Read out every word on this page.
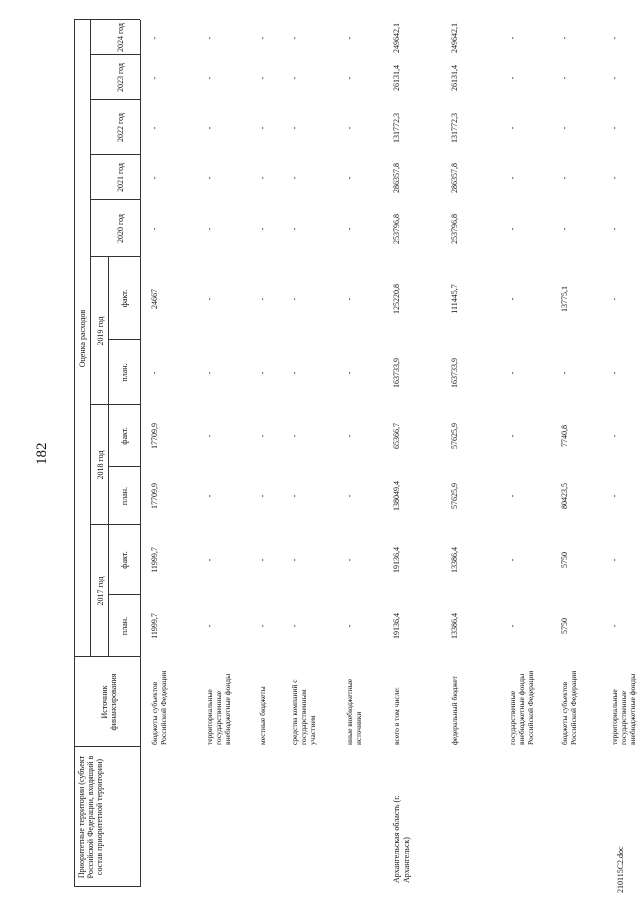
182
210115C2.doc
Приоритетные территории (субъект Российской Федерации, входящий в состав приоритетной территории)
Источник финансирования
Оценка расходов
2017 год
2018 год
2019 год
план.
факт.
план.
факт.
план.
факт.
2020 год
2021 год
2022 год
2023 год
2024 год
бюджеты субъектов Российской Федерации
11999,7
11999,7
17709,9
17709,9
-
24667
-
-
-
-
-
территориальные государственные внебюджетные фонды
-
-
-
-
-
-
-
-
-
-
-
местные бюджеты
-
-
-
-
-
-
-
-
-
-
-
средства компаний с государственным участием
-
-
-
-
-
-
-
-
-
-
-
иные внебюджетные источники
-
-
-
-
-
-
-
-
-
-
-
Архангельская область (г. Архангельск)
всего в том числе:
19136,4
19136,4
138049,4
65366,7
163733,9
125220,8
253796,8
286357,8
131772,3
26131,4
249642,1
федеральный бюджет
13386,4
13386,4
57625,9
57625,9
163733,9
111445,7
253796,8
286357,8
131772,3
26131,4
249642,1
государственные внебюджетные фонды Российской Федерации
-
-
-
-
-
-
-
-
-
-
-
бюджеты субъектов Российской Федерации
5750
5750
80423,5
7740,8
-
13775,1
-
-
-
-
-
территориальные государственные внебюджетные фонды
-
-
-
-
-
-
-
-
-
-
-
